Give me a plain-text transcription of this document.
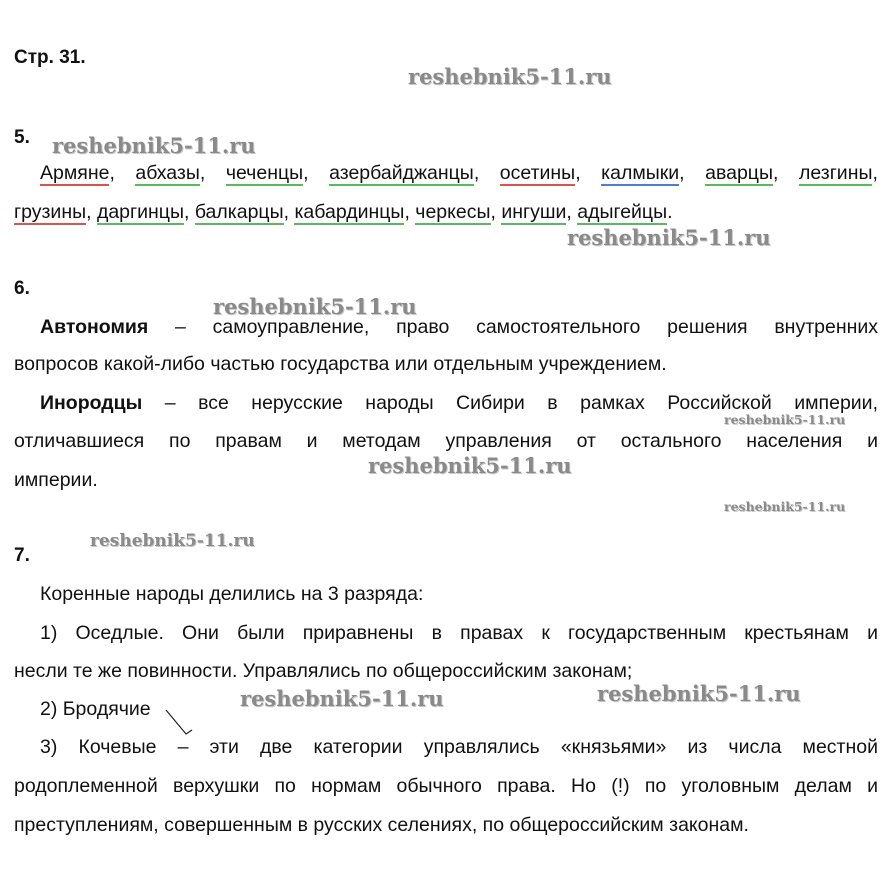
Стр. 31.
5.
Армяне, абхазы, чеченцы, азербайджанцы, осетины, калмыки, аварцы, лезгины,
грузины, даргинцы, балкарцы, кабардинцы, черкесы, ингуши, адыгейцы.
6.
Автономия – самоуправление, право самостоятельного решения внутренних
вопросов какой-либо частью государства или отдельным учреждением.
Инородцы – все нерусские народы Сибири в рамках Российской империи,
отличавшиеся по правам и методам управления от остального населения и
империи.
7.
Коренные народы делились на 3 разряда:
1) Оседлые. Они были приравнены в правах к государственным крестьянам и
несли те же повинности. Управлялись по общероссийским законам;
2) Бродячие
3) Кочевые – эти две категории управлялись «князьями» из числа местной
родоплеменной верхушки по нормам обычного права. Но (!) по уголовным делам и
преступлениям, совершенным в русских селениях, по общероссийским законам.
reshebnik5-11.ru
reshebnik5-11.ru
reshebnik5-11.ru
reshebnik5-11.ru
reshebnik5-11.ru
reshebnik5-11.ru
reshebnik5-11.ru
reshebnik5-11.ru
reshebnik5-11.ru	reshebnik5-11.ru
